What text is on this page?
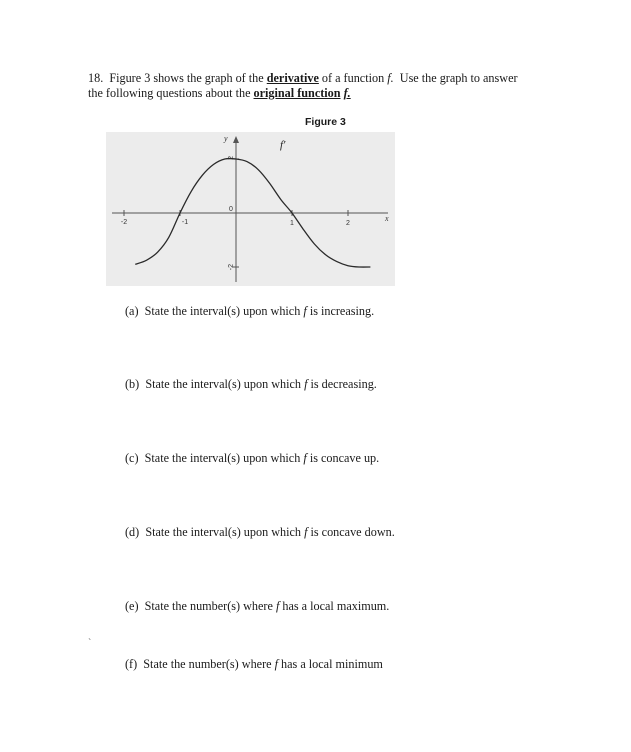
18. Figure 3 shows the graph of the derivative of a function f. Use the graph to answer
the following questions about the original function f.
Figure 3
y
x
-2	-1
0
1	2
2
-2
f′
(a) State the interval(s) upon which f is increasing.
(b) State the interval(s) upon which f is decreasing.
(c) State the interval(s) upon which f is concave up.
(d) State the interval(s) upon which f is concave down.
(e) State the number(s) where f has a local maximum.
(f) State the number(s) where f has a local minimum
`
